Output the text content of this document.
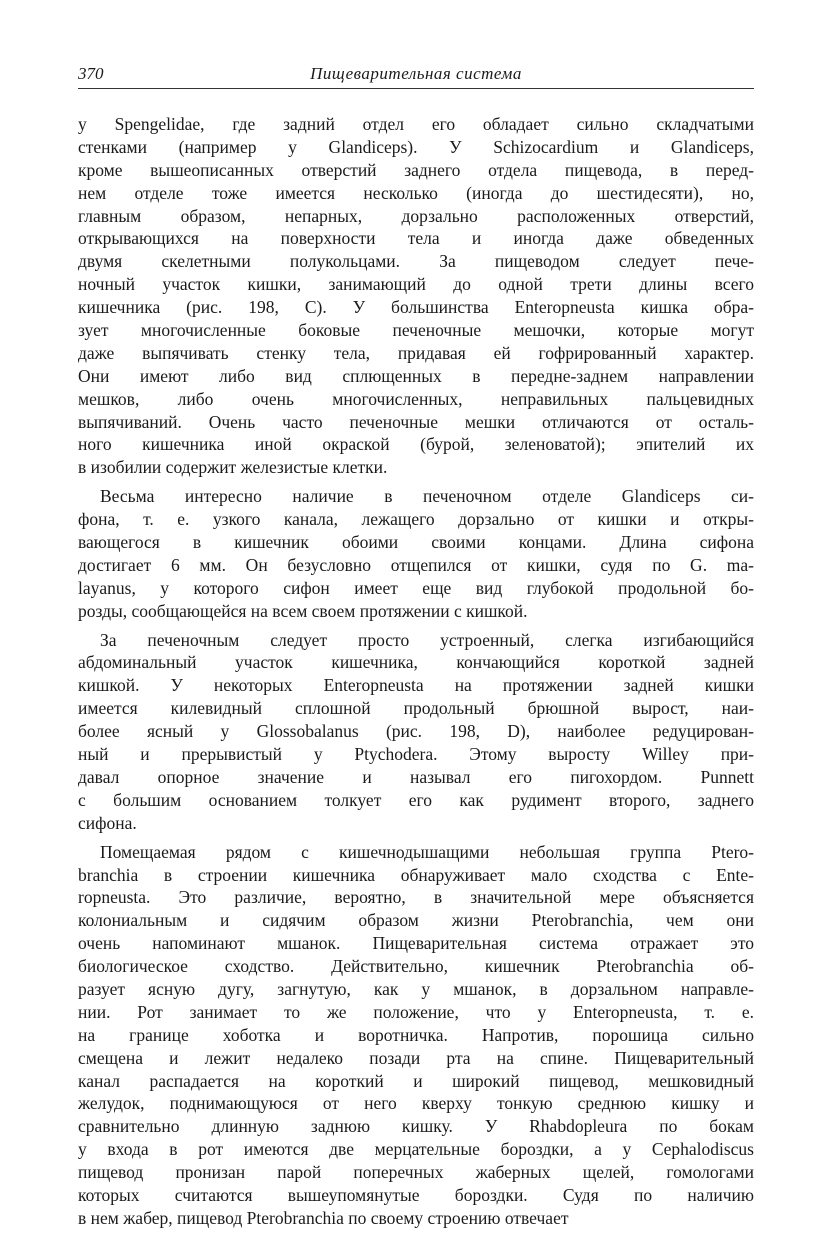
370	Пищеварительная система
у Spengelidae, где задний отдел его обладает сильно складчатыми
стенками (например у Glandiceps). У Schizocardium и Glandiceps,
кроме вышеописанных отверстий заднего отдела пищевода, в перед-
нем отделе тоже имеется несколько (иногда до шестидесяти), но,
главным образом, непарных, дорзально расположенных отверстий,
открывающихся на поверхности тела и иногда даже обведенных
двумя скелетными полукольцами. За пищеводом следует пече-
ночный участок кишки, занимающий до одной трети длины всего
кишечника (рис. 198, C). У большинства Enteropneusta кишка обра-
зует многочисленные боковые печеночные мешочки, которые могут
даже выпячивать стенку тела, придавая ей гофрированный характер.
Они имеют либо вид сплющенных в передне-заднем направлении
мешков, либо очень многочисленных, неправильных пальцевидных
выпячиваний. Очень часто печеночные мешки отличаются от осталь-
ного кишечника иной окраской (бурой, зеленоватой); эпителий их
в изобилии содержит железистые клетки.
Весьма интересно наличие в печеночном отделе Glandiceps си-
фона, т. е. узкого канала, лежащего дорзально от кишки и откры-
вающегося в кишечник обоими своими концами. Длина сифона
достигает 6 мм. Он безусловно отщепился от кишки, судя по G. ma-
layanus, у которого сифон имеет еще вид глубокой продольной бо-
розды, сообщающейся на всем своем протяжении с кишкой.
За печеночным следует просто устроенный, слегка изгибающийся
абдоминальный участок кишечника, кончающийся короткой задней
кишкой. У некоторых Enteropneusta на протяжении задней кишки
имеется килевидный сплошной продольный брюшной вырост, наи-
более ясный у Glossobalanus (рис. 198, D), наиболее редуцирован-
ный и прерывистый у Ptychodera. Этому выросту Willey при-
давал опорное значение и называл его пигохордом. Punnett
с большим основанием толкует его как рудимент второго, заднего
сифона.
Помещаемая рядом с кишечнодышащими небольшая группа Ptero-
branchia в строении кишечника обнаруживает мало сходства с Ente-
ropneusta. Это различие, вероятно, в значительной мере объясняется
колониальным и сидячим образом жизни Pterobranchia, чем они
очень напоминают мшанок. Пищеварительная система отражает это
биологическое сходство. Действительно, кишечник Pterobranchia об-
разует ясную дугу, загнутую, как у мшанок, в дорзальном направле-
нии. Рот занимает то же положение, что у Enteropneusta, т. е.
на границе хоботка и воротничка. Напротив, порошица сильно
смещена и лежит недалеко позади рта на спине. Пищеварительный
канал распадается на короткий и широкий пищевод, мешковидный
желудок, поднимающуюся от него кверху тонкую среднюю кишку и
сравнительно длинную заднюю кишку. У Rhabdopleura по бокам
у входа в рот имеются две мерцательные бороздки, а у Cephalodiscus
пищевод пронизан парой поперечных жаберных щелей, гомологами
которых считаются вышеупомянутые бороздки. Судя по наличию
в нем жабер, пищевод Pterobranchia по своему строению отвечает
